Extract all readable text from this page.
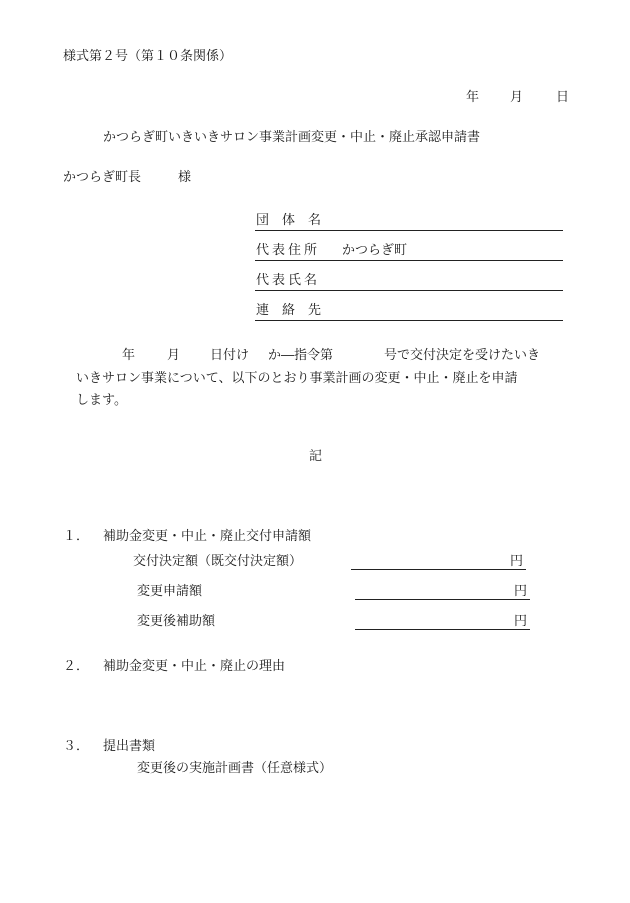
様式第２号（第１０条関係）
年 月	日
かつらぎ町いきいきサロン事業計画変更・中止・廃止承認申請書
かつらぎ町長	様
団　体　名
代表住所 かつらぎ町
代表氏名
連　絡　先
年 月 日付け か―指令第	号で交付決定を受けたいき
いきサロン事業について、以下のとおり事業計画の変更・中止・廃止を申請
します。
記
１． 補助金変更・中止・廃止交付申請額
交付決定額（既交付決定額）	円
変更申請額	円
変更後補助額	円
２． 補助金変更・中止・廃止の理由
３． 提出書類
変更後の実施計画書（任意様式）
